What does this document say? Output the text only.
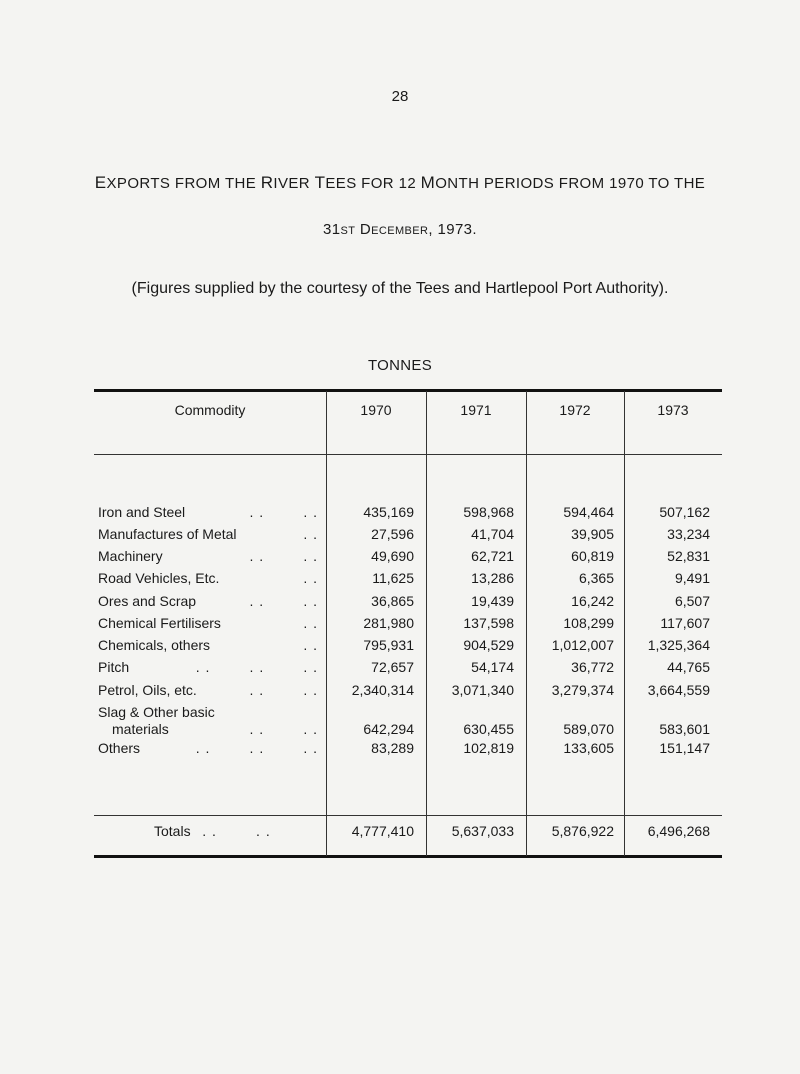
28
EXPORTS FROM THE RIVER TEES FOR 12 MONTH PERIODS FROM 1970 TO THE
31st December, 1973.
(Figures supplied by the courtesy of the Tees and Hartlepool Port Authority).
TONNES
Commodity	1970	1971	1972	1973
Iron and Steel	. .        . .	435,169	598,968	594,464	507,162
Manufactures of Metal	. .	27,596	41,704	39,905	33,234
Machinery	. .        . .	49,690	62,721	60,819	52,831
Road Vehicles, Etc.	. .	11,625	13,286	6,365	9,491
Ores and Scrap	. .        . .	36,865	19,439	16,242	6,507
Chemical Fertilisers	. .	281,980	137,598	108,299	117,607
Chemicals, others	. .	795,931	904,529	1,012,007	1,325,364
Pitch	. .        . .        . .	72,657	54,174	36,772	44,765
Petrol, Oils, etc.	. .        . .	2,340,314	3,071,340	3,279,374	3,664,559
Slag & Other basic
materials	. .        . .	642,294	630,455	589,070	583,601
Others	. .        . .        . .	83,289	102,819	133,605	151,147
Totals . .        . .	4,777,410	5,637,033	5,876,922	6,496,268
